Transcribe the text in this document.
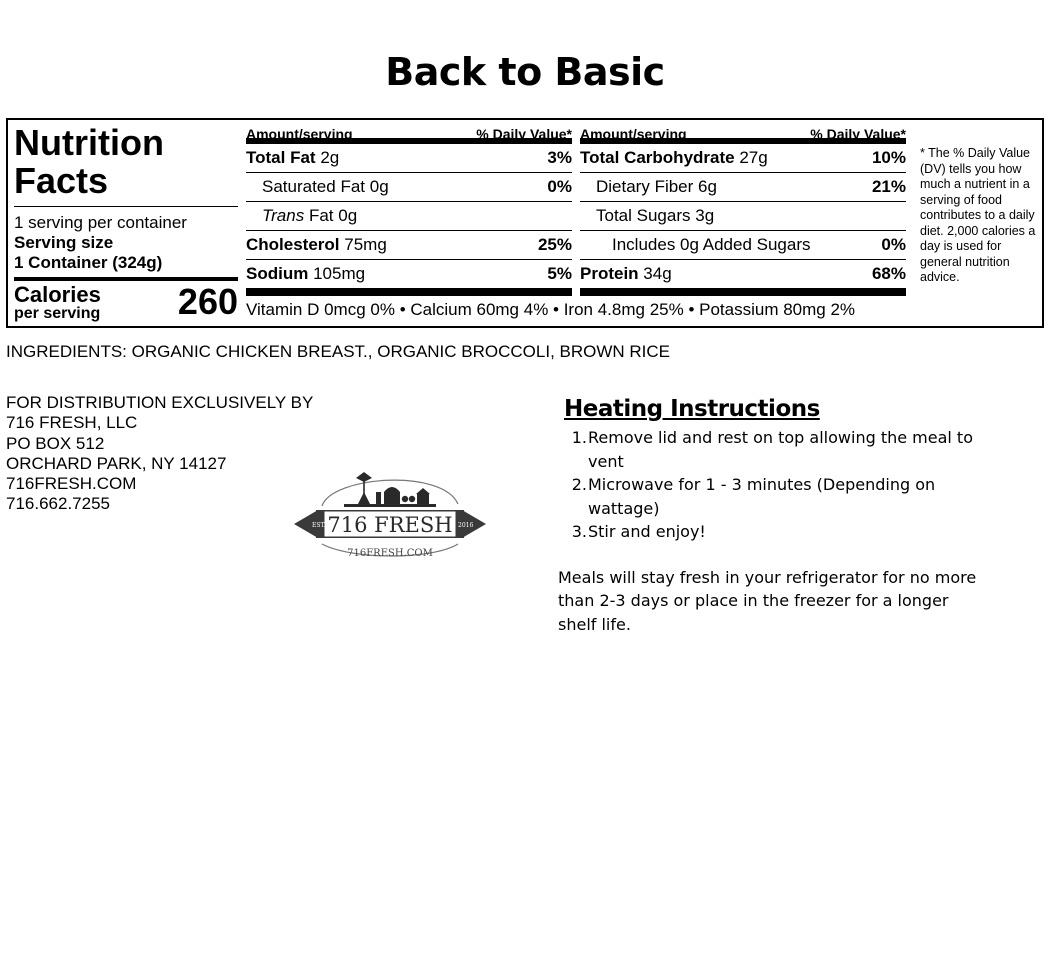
Back to Basic
Nutrition
Facts
1 serving per container
Serving size
1 Container (324g)
Calories
per serving 260
Amount/serving	% Daily Value*
Total Fat 2g	3%
Saturated Fat 0g	0%
Trans Fat 0g
Cholesterol 75mg	25%
Sodium 105mg	5%
Amount/serving	% Daily Value*
Total Carbohydrate 27g	10%
Dietary Fiber 6g	21%
Total Sugars 3g
Includes 0g Added Sugars	0%
Protein 34g	68%
Vitamin D 0mcg 0% • Calcium 60mg 4% • Iron 4.8mg 25% • Potassium 80mg 2%
* The % Daily Value (DV) tells you how much a nutrient in a serving of food contributes to a daily diet. 2,000 calories a day is used for general nutrition advice.
INGREDIENTS: ORGANIC CHICKEN BREAST., ORGANIC BROCCOLI, BROWN RICE
FOR DISTRIBUTION EXCLUSIVELY BY
716 FRESH, LLC
PO BOX 512
ORCHARD PARK, NY 14127
716FRESH.COM
716.662.7255
EST.	2016
716 FRESH
716FRESH.COM
Heating Instructions
1. Remove lid and rest on top allowing the meal to vent
2. Microwave for 1 - 3 minutes (Depending on wattage)
3. Stir and enjoy!
Meals will stay fresh in your refrigerator for no more than 2-3 days or place in the freezer for a longer shelf life.
